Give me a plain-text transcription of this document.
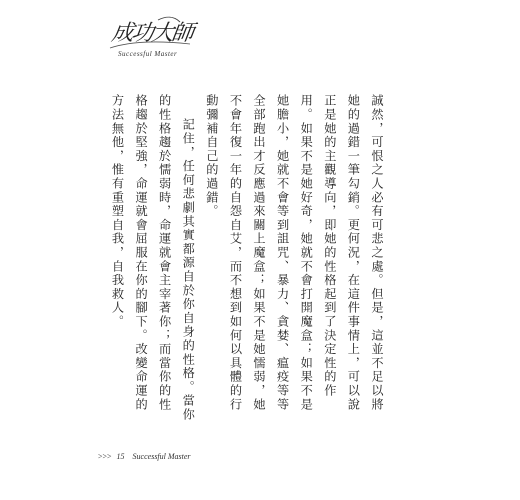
成功大師
Successful Master

誠然，可恨之人必有可悲之處。但是，這並不足以將她的過錯一筆勾銷。更何況，在這件事情上，可以說正是她的主觀導向，即她的性格起到了決定性的作用。如果不是她好奇，她就不會打開魔盒；如果不是她膽小，她就不會等到詛咒、暴力、貪婪、瘟疫等等全部跑出才反應過來關上魔盒；如果不是她懦弱，她不會年復一年的自怨自艾，而不想到如何以具體的行動彌補自己的過錯。

記住，任何悲劇其實都源自於你自身的性格。當你的性格趨於懦弱時，命運就會主宰著你；而當你的性格趨於堅強，命運就會屈服在你的腳下。改變命運的方法無他，惟有重塑自我，自我救人。

>>> 15 Successful Master
